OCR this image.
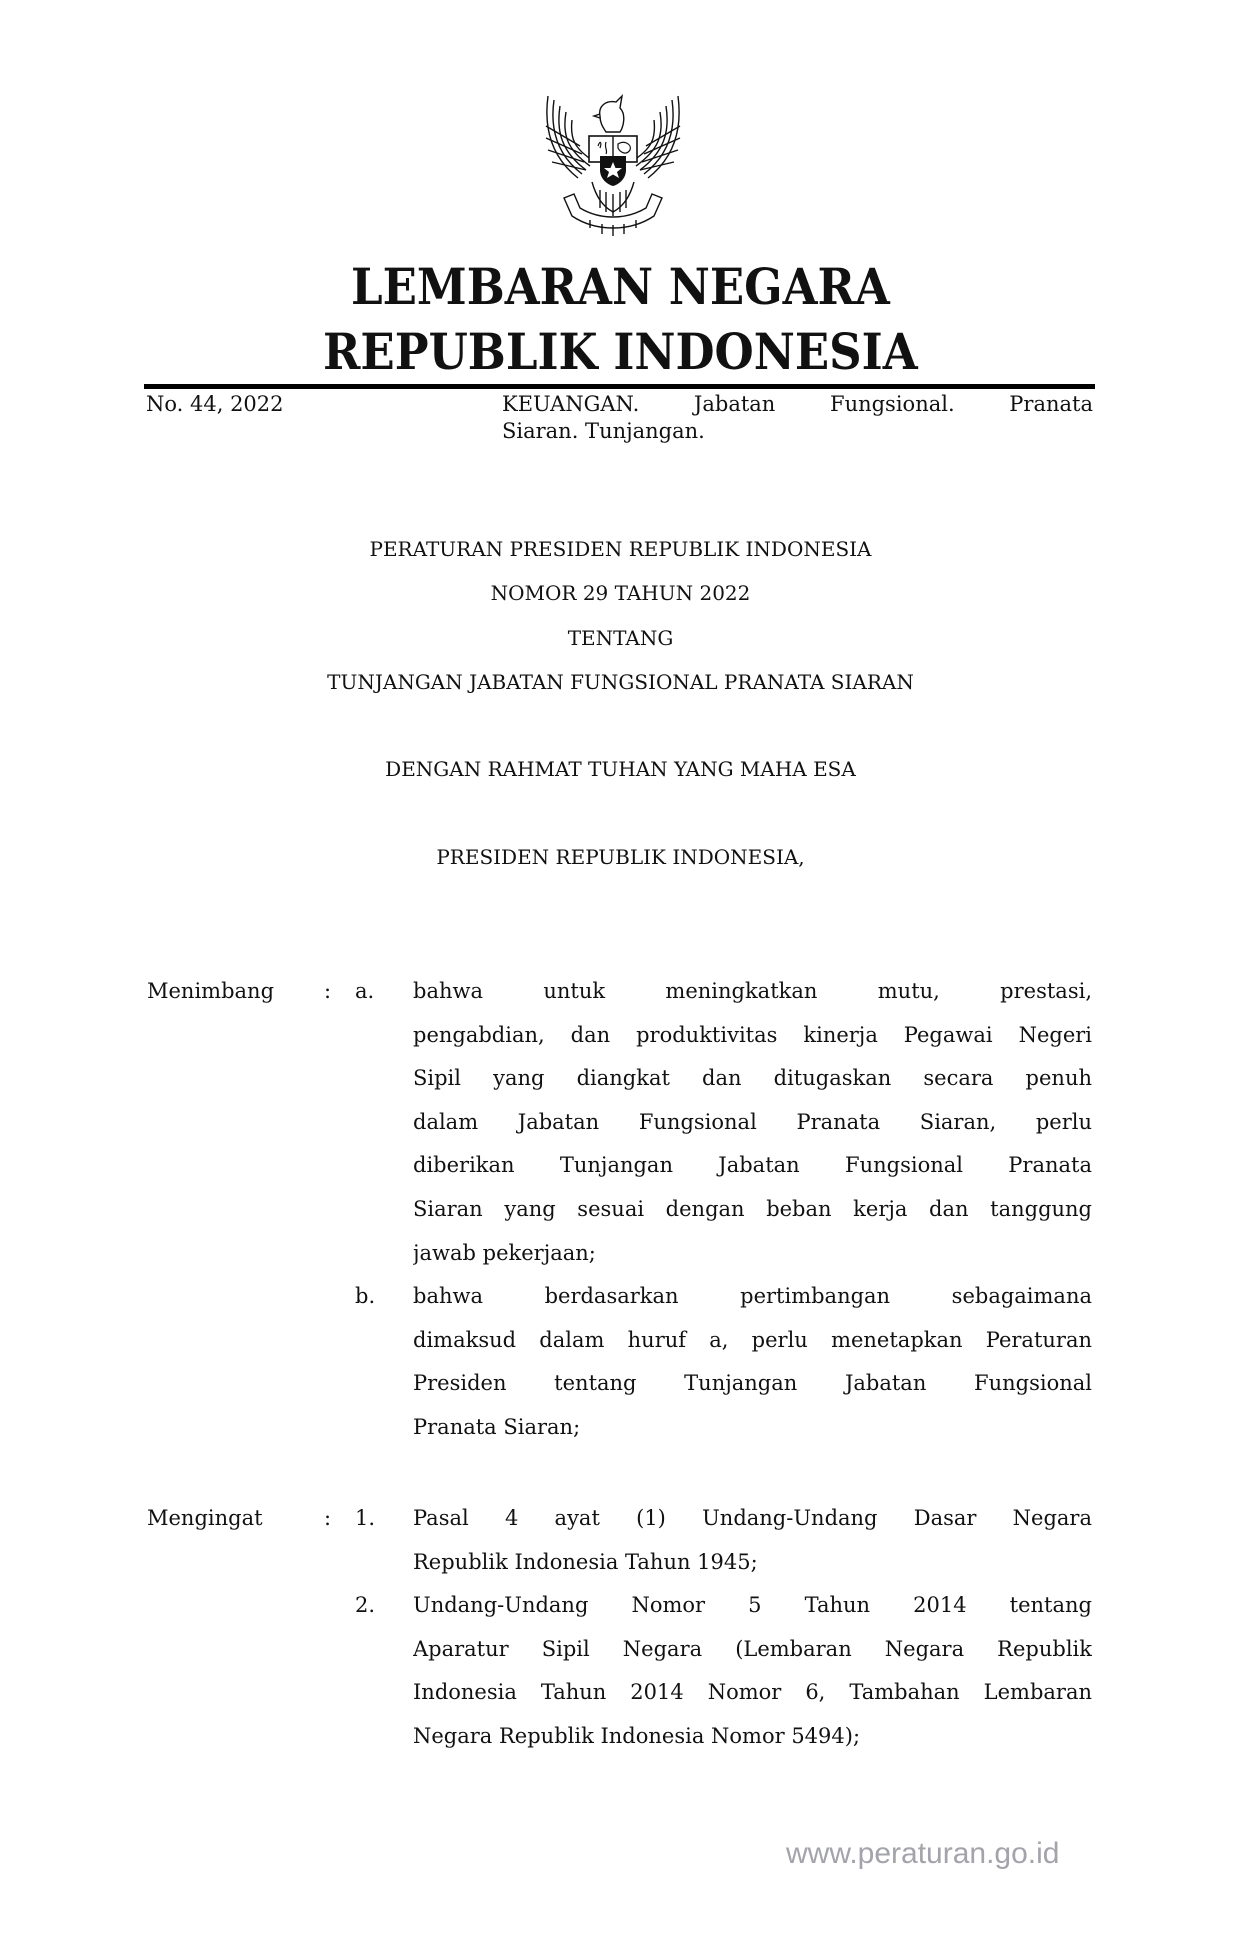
LEMBARAN NEGARA
REPUBLIK INDONESIA
No. 44, 2022	KEUANGAN. Jabatan Fungsional. Pranata
Siaran. Tunjangan.
PERATURAN PRESIDEN REPUBLIK INDONESIA
NOMOR 29 TAHUN 2022
TENTANG
TUNJANGAN JABATAN FUNGSIONAL PRANATA SIARAN
DENGAN RAHMAT TUHAN YANG MAHA ESA
PRESIDEN REPUBLIK INDONESIA,
Menimbang : a. bahwa untuk meningkatkan mutu, prestasi,
pengabdian, dan produktivitas kinerja Pegawai Negeri
Sipil yang diangkat dan ditugaskan secara penuh
dalam Jabatan Fungsional Pranata Siaran, perlu
diberikan Tunjangan Jabatan Fungsional Pranata
Siaran yang sesuai dengan beban kerja dan tanggung
jawab pekerjaan;
b. bahwa berdasarkan pertimbangan sebagaimana
dimaksud dalam huruf a, perlu menetapkan Peraturan
Presiden tentang Tunjangan Jabatan Fungsional
Pranata Siaran;
Mengingat	: 1. Pasal 4 ayat (1) Undang-Undang Dasar Negara
Republik Indonesia Tahun 1945;
2. Undang-Undang Nomor 5 Tahun 2014 tentang
Aparatur Sipil Negara (Lembaran Negara Republik
Indonesia Tahun 2014 Nomor 6, Tambahan Lembaran
Negara Republik Indonesia Nomor 5494);
www.peraturan.go.id
